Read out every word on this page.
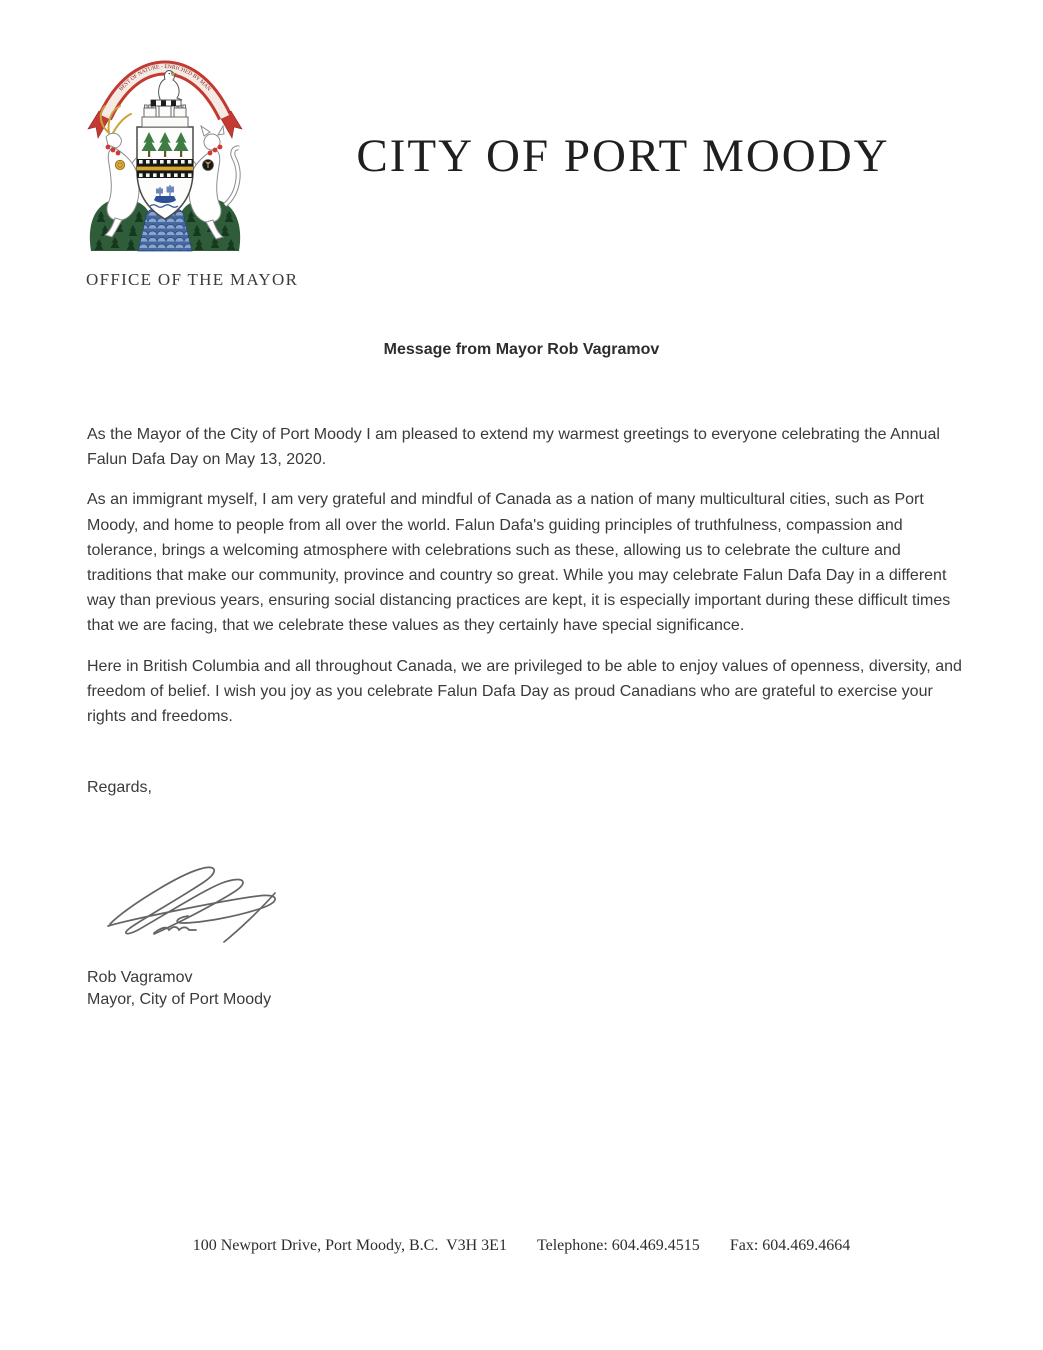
BEST OF NATURE - ENRICHED BY MAN
CITY OF PORT MOODY
OFFICE OF THE MAYOR
Message from Mayor Rob Vagramov

As the Mayor of the City of Port Moody I am pleased to extend my warmest greetings to everyone celebrating the Annual Falun Dafa Day on May 13, 2020.

As an immigrant myself, I am very grateful and mindful of Canada as a nation of many multicultural cities, such as Port Moody, and home to people from all over the world. Falun Dafa's guiding principles of truthfulness, compassion and tolerance, brings a welcoming atmosphere with celebrations such as these, allowing us to celebrate the culture and traditions that make our community, province and country so great. While you may celebrate Falun Dafa Day in a different way than previous years, ensuring social distancing practices are kept, it is especially important during these difficult times that we are facing, that we celebrate these values as they certainly have special significance.

Here in British Columbia and all throughout Canada, we are privileged to be able to enjoy values of openness, diversity, and freedom of belief. I wish you joy as you celebrate Falun Dafa Day as proud Canadians who are grateful to exercise your rights and freedoms.

Regards,

Rob Vagramov
Mayor, City of Port Moody
100 Newport Drive, Port Moody, B.C.  V3H 3E1 Telephone: 604.469.4515 Fax: 604.469.4664
